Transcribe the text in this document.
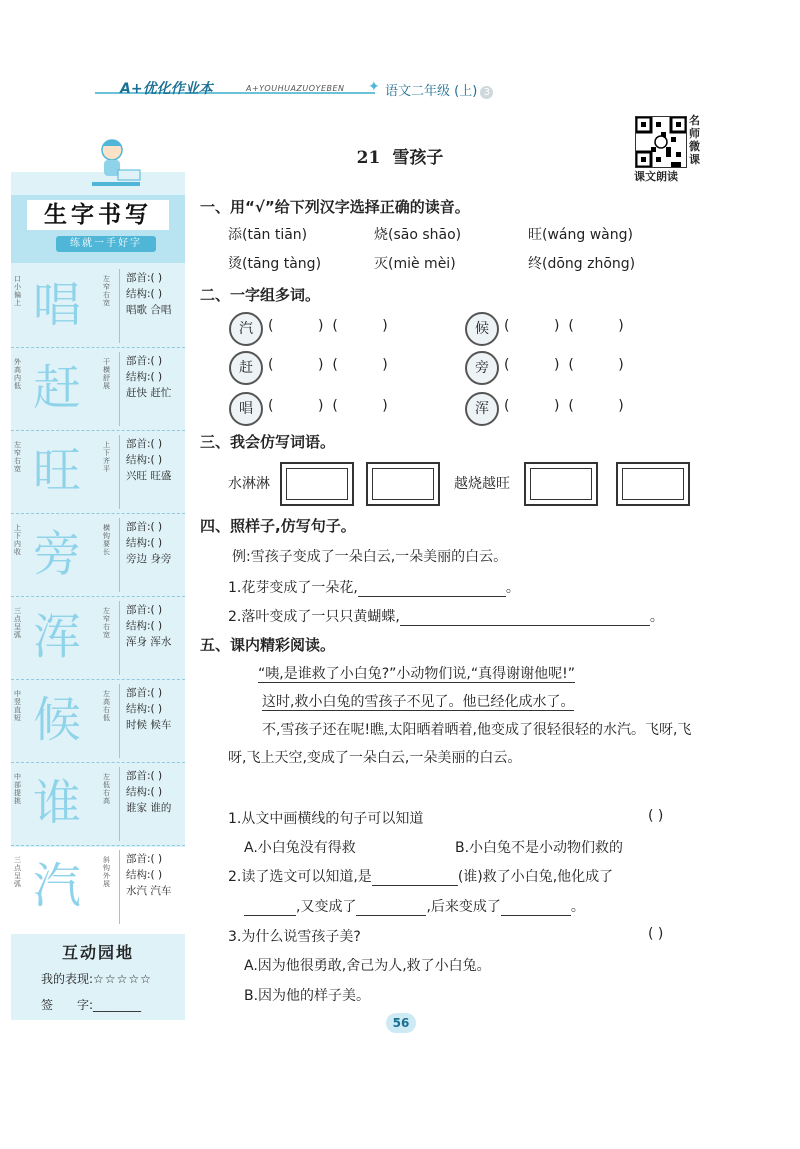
A+优化作业本	A+YOUHUAZUOYEBEN ✦ 语文二年级 (上) 3
21 雪孩子
名师微课
课文朗读
生字书写
练就一手好字
口小偏上 唱	左窄右宽
部首:( )
结构:( )
唱歌 合唱
外高内低 赶	干横舒展
部首:( )
结构:( )
赶快 赶忙
左窄右宽 旺	上下齐平
部首:( )
结构:( )
兴旺 旺盛
上下内收 旁	横钩要长
部首:( )
结构:( )
旁边 身旁
三点呈弧 浑	左窄右宽
部首:( )
结构:( )
浑身 浑水
中竖直短 候	左高右低
部首:( )
结构:( )
时候 候车
中部提挑 谁	左低右高
部首:( )
结构:( )
谁家 谁的
三点呈弧 汽	斜钩外展
部首:( )
结构:( )
水汽 汽车
互动园地
我的表现:☆☆☆☆☆
签　　字:________
一、用“√”给下列汉字选择正确的读音。
添(tān tiān)	烧(sāo shāo)	旺(wáng wàng)
烫(tāng tàng)	灭(miè mèi)	终(dōng zhōng)
二、一字组多词。
汽	(          )  (          )	候	(          )  (          )
赶	(          )  (          )	旁	(          )  (          )
唱	(          )  (          )	浑	(          )  (          )
三、我会仿写词语。
水淋淋	越烧越旺
四、照样子,仿写句子。
例:雪孩子变成了一朵白云,一朵美丽的白云。
1.花芽变成了一朵花,	。
2.落叶变成了一只只黄蝴蝶,	。
五、课内精彩阅读。
“咦,是谁救了小白兔?”小动物们说,“真得谢谢他呢!”
这时,救小白兔的雪孩子不见了。他已经化成水了。
不,雪孩子还在呢!瞧,太阳晒着晒着,他变成了很轻很轻的水汽。飞呀,飞呀,飞上天空,变成了一朵白云,一朵美丽的白云。
1.从文中画横线的句子可以知道	( )
A.小白兔没有得救	B.小白兔不是小动物们救的
2.读了选文可以知道,是	(谁)救了小白兔,他化成了
,又变成了	,后来变成了	。
3.为什么说雪孩子美?	( )
A.因为他很勇敢,舍己为人,救了小白兔。
B.因为他的样子美。
56
